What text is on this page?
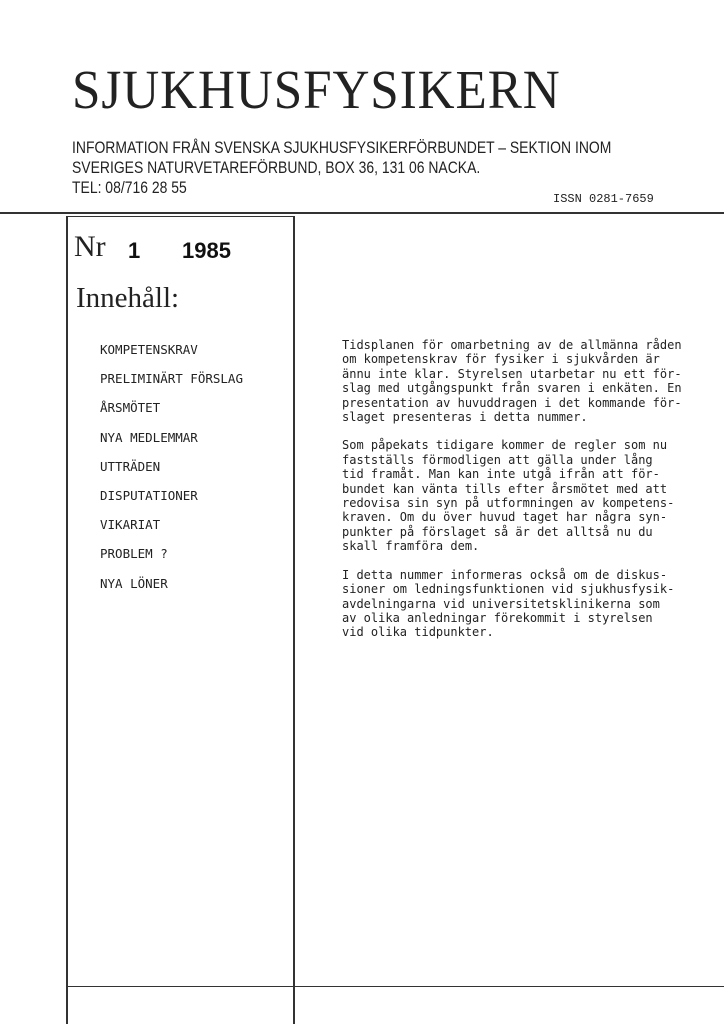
SJUKHUSFYSIKERN
INFORMATION FRÅN SVENSKA SJUKHUSFYSIKERFÖRBUNDET – SEKTION INOM
SVERIGES NATURVETAREFÖRBUND, BOX 36, 131 06 NACKA.
TEL: 08/716 28 55
ISSN 0281-7659
Nr 1 1985
Innehåll:
KOMPETENSKRAV
PRELIMINÄRT FÖRSLAG
ÅRSMÖTET
NYA MEDLEMMAR
UTTRÄDEN
DISPUTATIONER
VIKARIAT
PROBLEM ?
NYA LÖNER

Tidsplanen för omarbetning av de allmänna råden
om kompetenskrav för fysiker i sjukvården är
ännu inte klar. Styrelsen utarbetar nu ett för-
slag med utgångspunkt från svaren i enkäten. En
presentation av huvuddragen i det kommande för-
slaget presenteras i detta nummer.

Som påpekats tidigare kommer de regler som nu
fastställs förmodligen att gälla under lång
tid framåt. Man kan inte utgå ifrån att för-
bundet kan vänta tills efter årsmötet med att
redovisa sin syn på utformningen av kompetens-
kraven. Om du över huvud taget har några syn-
punkter på förslaget så är det alltså nu du
skall framföra dem.

I detta nummer informeras också om de diskus-
sioner om ledningsfunktionen vid sjukhusfysik-
avdelningarna vid universitetsklinikerna som
av olika anledningar förekommit i styrelsen
vid olika tidpunkter.
